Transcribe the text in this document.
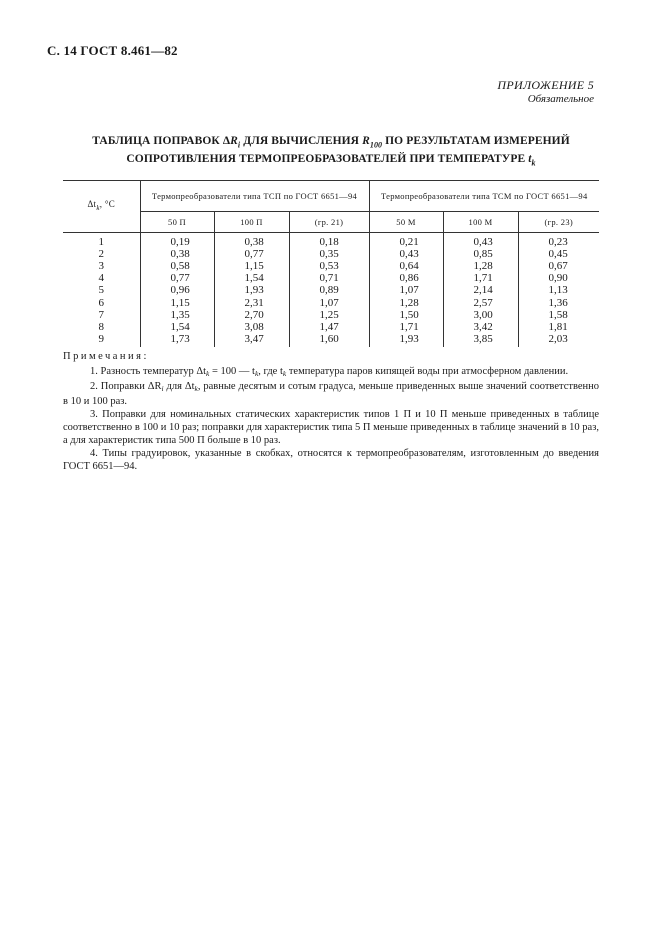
С. 14 ГОСТ 8.461—82
ПРИЛОЖЕНИЕ 5
Обязательное
ТАБЛИЦА ПОПРАВОК $\Delta R_i$ ДЛЯ ВЫЧИСЛЕНИЯ $R_{100}$ ПО РЕЗУЛЬТАТАМ ИЗМЕРЕНИЙ
СОПРОТИВЛЕНИЯ ТЕРМОПРЕОБРАЗОВАТЕЛЕЙ ПРИ ТЕМПЕРАТУРЕ $t_k$
$\Delta t_k$, °C	Термопреобразователи типа ТСП по ГОСТ 6651—94			Термопреобразователи типа ТСМ по ГОСТ 6651—94		
	50 П	100 П	(гр. 21)	50 М	100 М	(гр. 23)
1	0,19	0,38	0,18	0,21	0,43	0,23
2	0,38	0,77	0,35	0,43	0,85	0,45
3	0,58	1,15	0,53	0,64	1,28	0,67
4	0,77	1,54	0,71	0,86	1,71	0,90
5	0,96	1,93	0,89	1,07	2,14	1,13
6	1,15	2,31	1,07	1,28	2,57	1,36
7	1,35	2,70	1,25	1,50	3,00	1,58
8	1,54	3,08	1,47	1,71	3,42	1,81
9	1,73	3,47	1,60	1,93	3,85	2,03
Примечания:

1. Разность температур Δtk = 100 — tk, где tk температура паров кипящей воды при атмосферном давлении.

2. Поправки ΔRi для Δtk, равные десятым и сотым градуса, меньше приведенных выше значений соответственно в 10 и 100 раз.

3. Поправки для номинальных статических характеристик типов 1 П и 10 П меньше приведенных в таблице соответственно в 100 и 10 раз; поправки для характеристик типа 5 П меньше приведенных в таблице значений в 10 раз, а для характеристик типа 500 П больше в 10 раз.

4. Типы градуировок, указанные в скобках, относятся к термопреобразователям, изготовленным до введения ГОСТ 6651—94.
